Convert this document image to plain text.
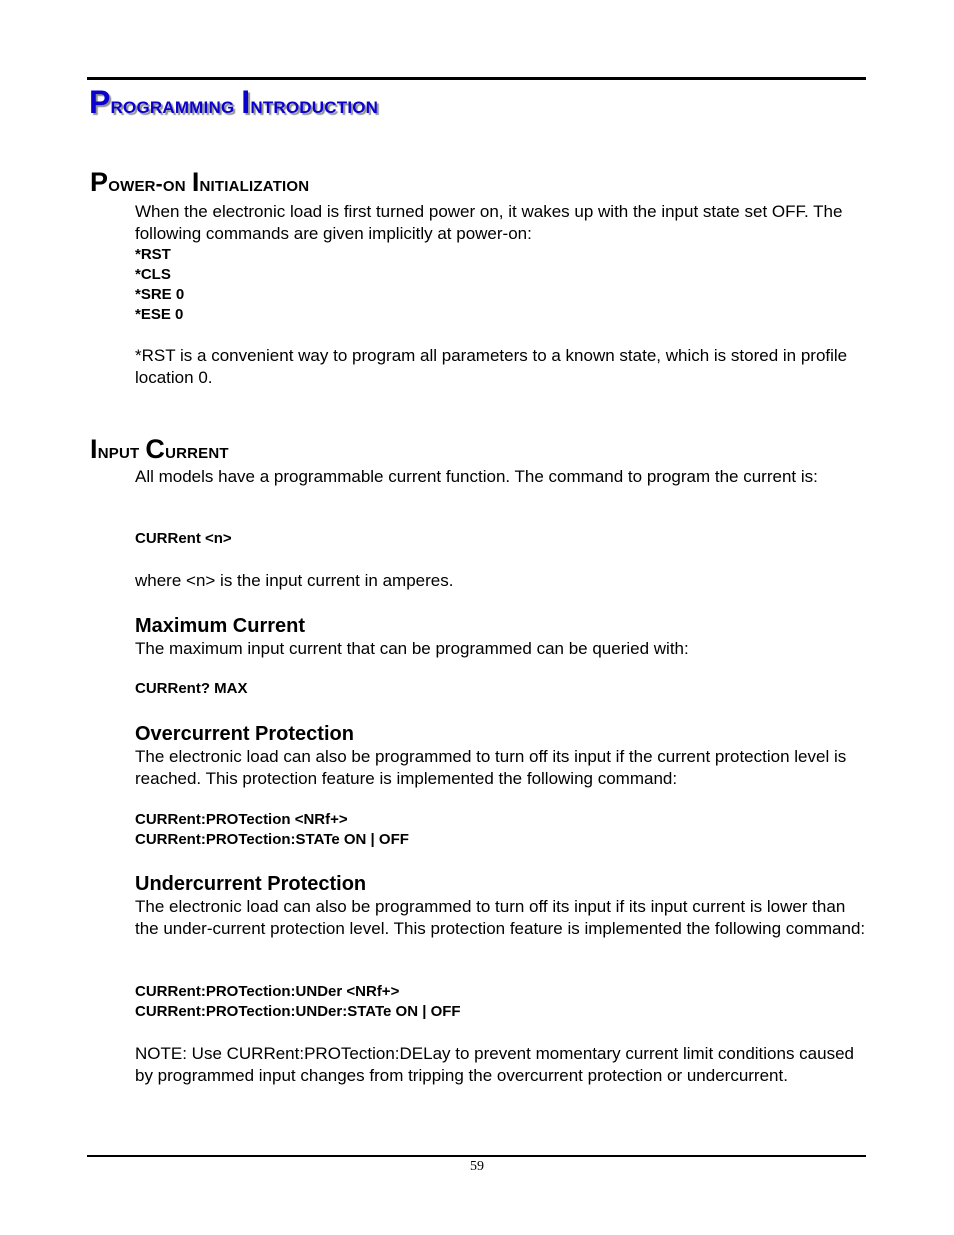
Programming Introduction
Power-on Initialization

When the electronic load is first turned power on, it wakes up with the input state set OFF. The following commands are given implicitly at power-on:

*RST

*CLS

*SRE 0

*ESE 0

*RST is a convenient way to program all parameters to a known state, which is stored in profile location 0.

Input Current

All models have a programmable current function. The command to program the current is:

CURRent <n>

where <n> is the input current in amperes.

Maximum Current

The maximum input current that can be programmed can be queried with:

CURRent? MAX

Overcurrent Protection

The electronic load can also be programmed to turn off its input if the current protection level is reached. This protection feature is implemented the following command:

CURRent:PROTection <NRf+>

CURRent:PROTection:STATe ON | OFF

Undercurrent Protection

The electronic load can also be programmed to turn off its input if its input current is lower than the under-current protection level. This protection feature is implemented the following command:

CURRent:PROTection:UNDer <NRf+>

CURRent:PROTection:UNDer:STATe ON | OFF

NOTE: Use CURRent:PROTection:DELay to prevent momentary current limit conditions caused by programmed input changes from tripping the overcurrent protection or undercurrent.

59
